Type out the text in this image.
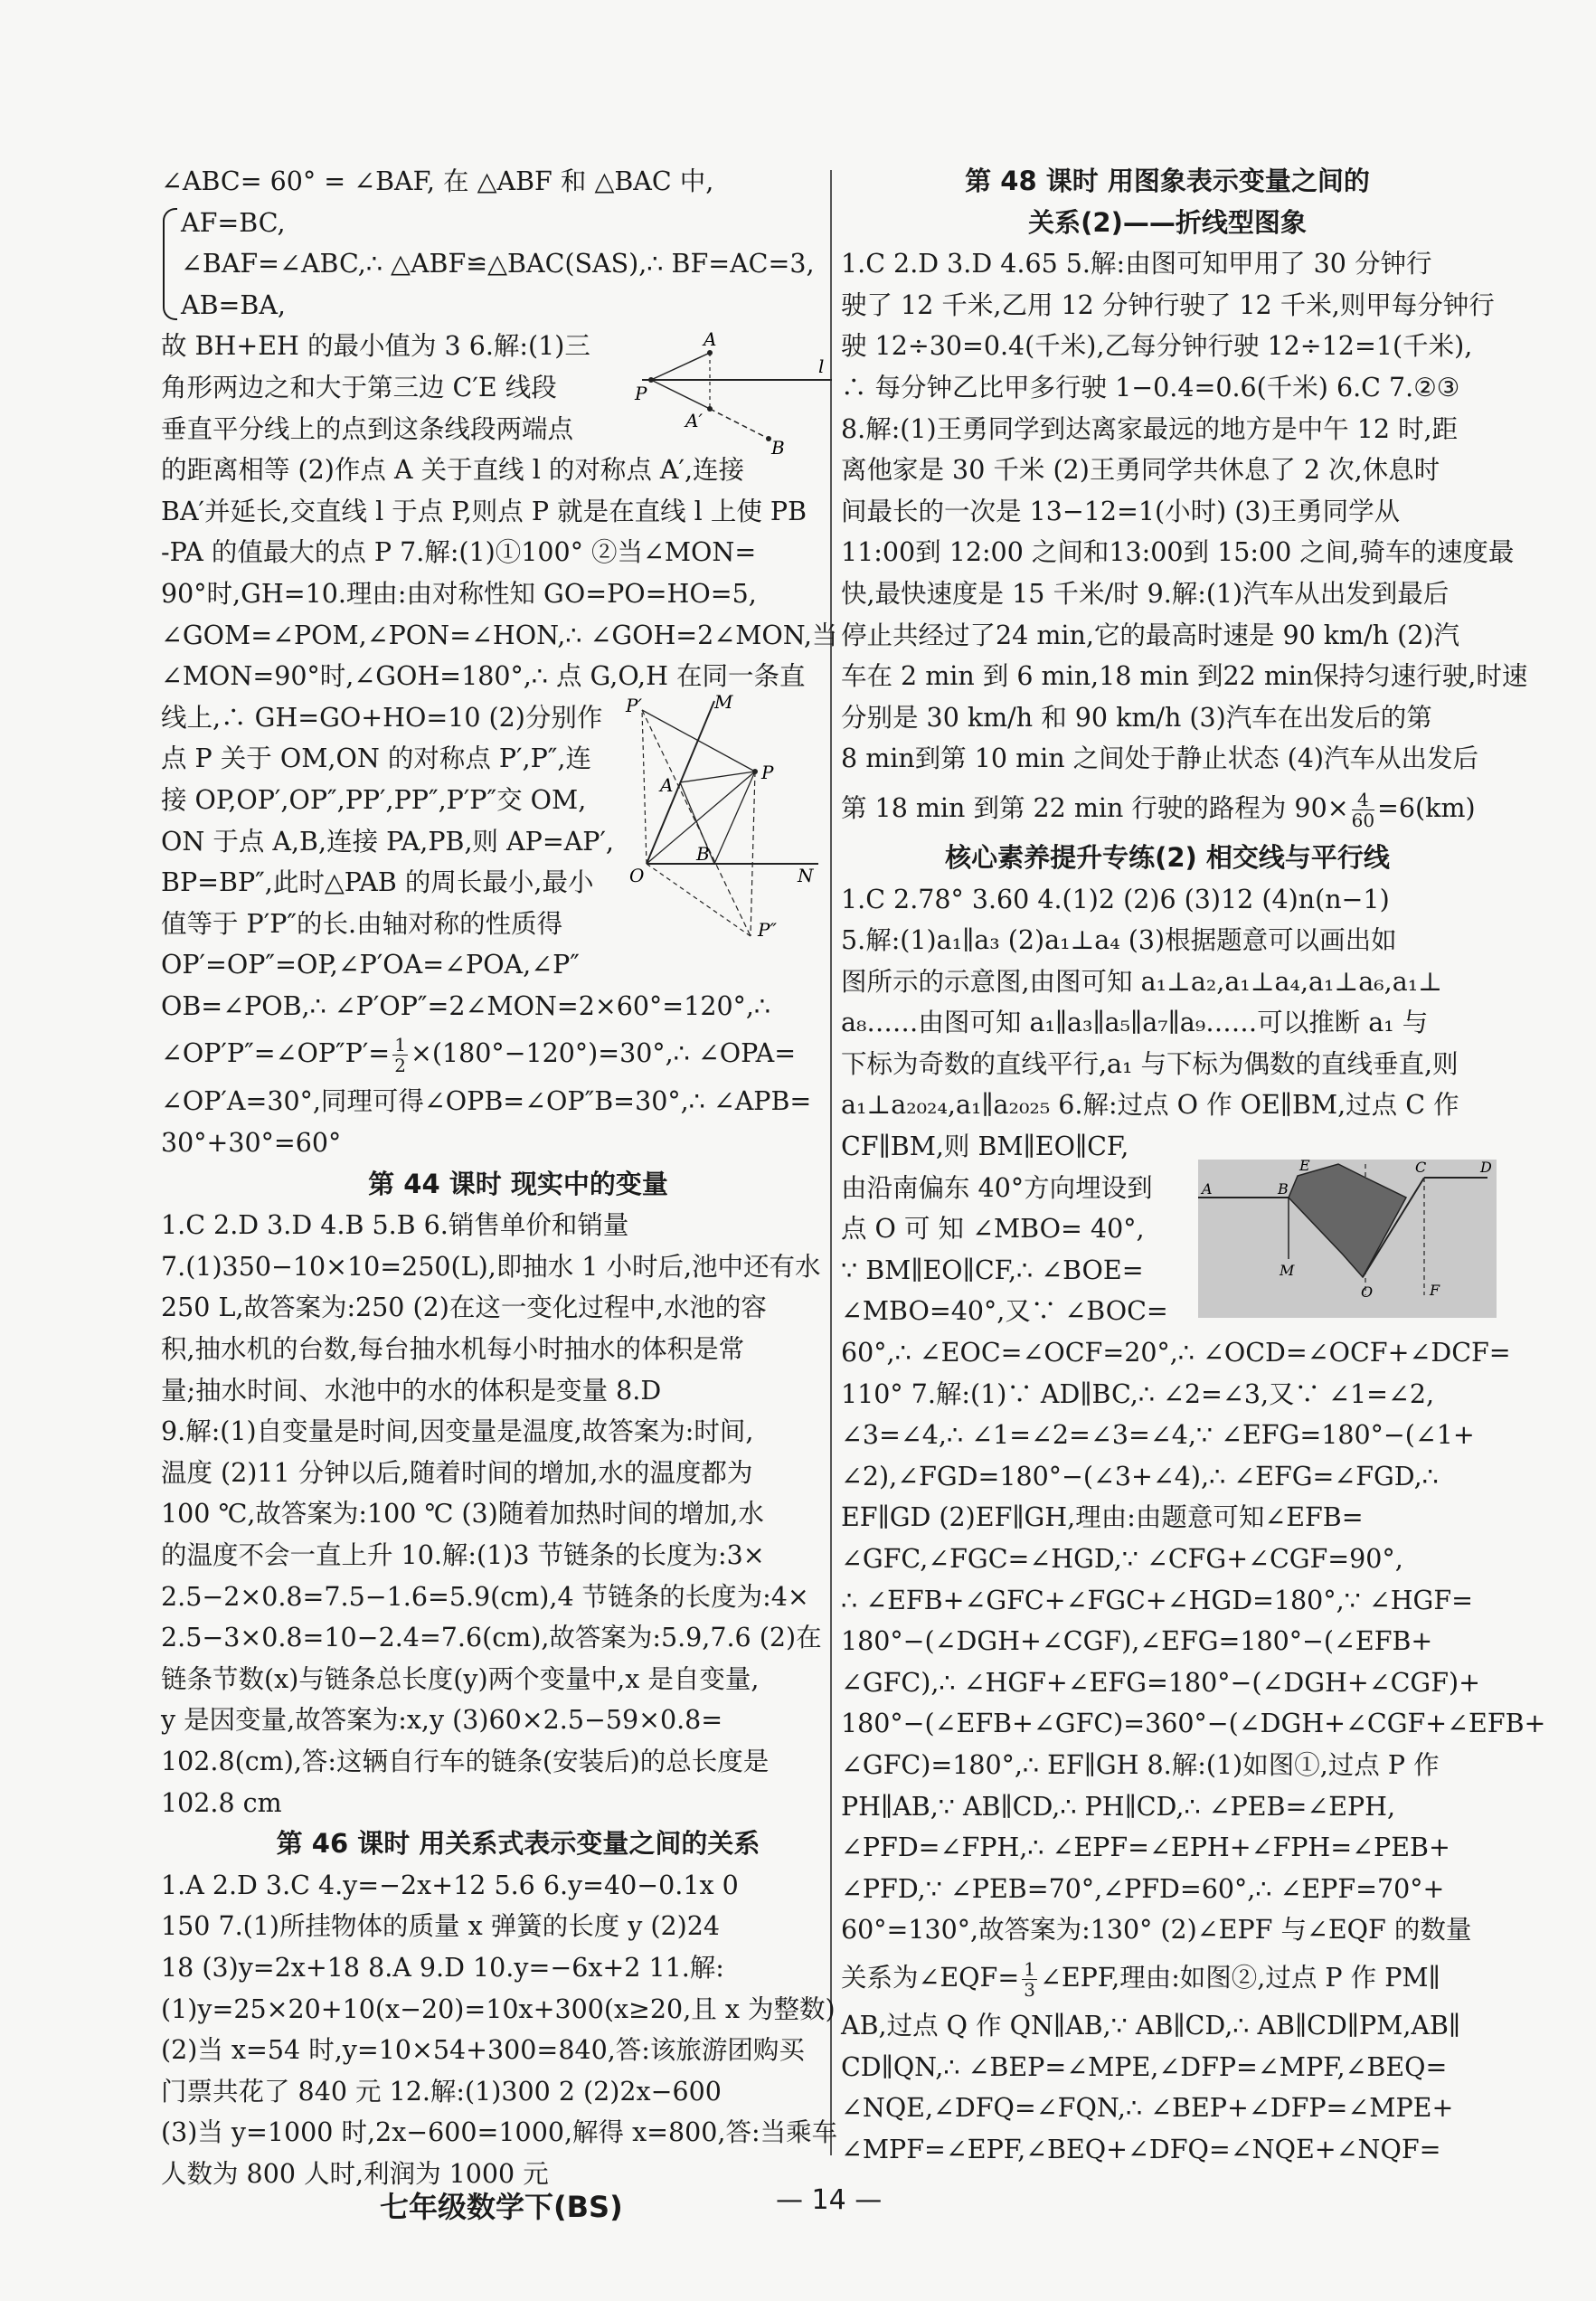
∠ABC= 60° = ∠BAF, 在 △ABF 和 △BAC 中,
AF=BC,
∠BAF=∠ABC,∴ △ABF≌△BAC(SAS),∴ BF=AC=3,
AB=BA,
故 BH+EH 的最小值为 3 6.解:(1)三
角形两边之和大于第三边 C′E 线段
垂直平分线上的点到这条线段两端点
的距离相等 (2)作点 A 关于直线 l 的对称点 A′,连接
BA′并延长,交直线 l 于点 P,则点 P 就是在直线 l 上使 PB
-PA 的值最大的点 P 7.解:(1)①100° ②当∠MON=
90°时,GH=10.理由:由对称性知 GO=PO=HO=5,
∠GOM=∠POM,∠PON=∠HON,∴ ∠GOH=2∠MON,当
∠MON=90°时,∠GOH=180°,∴ 点 G,O,H 在同一条直
线上,∴ GH=GO+HO=10 (2)分别作
点 P 关于 OM,ON 的对称点 P′,P″,连
接 OP,OP′,OP″,PP′,PP″,P′P″交 OM,
ON 于点 A,B,连接 PA,PB,则 AP=AP′,
BP=BP″,此时△PAB 的周长最小,最小
值等于 P′P″的长.由轴对称的性质得
OP′=OP″=OP,∠P′OA=∠POA,∠P″
OB=∠POB,∴ ∠P′OP″=2∠MON=2×60°=120°,∴
∠OP′P″=∠OP″P′= $\frac{1}{2}$ ×(180°−120°)=30°,∴ ∠OPA=
∠OP′A=30°,同理可得∠OPB=∠OP″B=30°,∴ ∠APB=
30°+30°=60°
第 44 课时 现实中的变量
1.C 2.D 3.D 4.B 5.B 6.销售单价和销量
7.(1)350−10×10=250(L),即抽水 1 小时后,池中还有水
250 L,故答案为:250 (2)在这一变化过程中,水池的容
积,抽水机的台数,每台抽水机每小时抽水的体积是常
量;抽水时间、水池中的水的体积是变量 8.D
9.解:(1)自变量是时间,因变量是温度,故答案为:时间,
温度 (2)11 分钟以后,随着时间的增加,水的温度都为
100 ℃,故答案为:100 ℃ (3)随着加热时间的增加,水
的温度不会一直上升 10.解:(1)3 节链条的长度为:3×
2.5−2×0.8=7.5−1.6=5.9(cm),4 节链条的长度为:4×
2.5−3×0.8=10−2.4=7.6(cm),故答案为:5.9,7.6 (2)在
链条节数(x)与链条总长度(y)两个变量中,x 是自变量,
y 是因变量,故答案为:x,y (3)60×2.5−59×0.8=
102.8(cm),答:这辆自行车的链条(安装后)的总长度是
102.8 cm
第 46 课时 用关系式表示变量之间的关系
1.A 2.D 3.C 4.y=−2x+12 5.6 6.y=40−0.1x 0
150 7.(1)所挂物体的质量 x 弹簧的长度 y (2)24
18 (3)y=2x+18 8.A 9.D 10.y=−6x+2 11.解:
(1)y=25×20+10(x−20)=10x+300(x≥20,且 x 为整数)
(2)当 x=54 时,y=10×54+300=840,答:该旅游团购买
门票共花了 840 元 12.解:(1)300 2 (2)2x−600
(3)当 y=1000 时,2x−600=1000,解得 x=800,答:当乘车
人数为 800 人时,利润为 1000 元
A
P
l
A′
B
P′	M
A
P
O
B
N
P″
第 48 课时 用图象表示变量之间的
关系(2)——折线型图象
1.C 2.D 3.D 4.65 5.解:由图可知甲用了 30 分钟行
驶了 12 千米,乙用 12 分钟行驶了 12 千米,则甲每分钟行
驶 12÷30=0.4(千米),乙每分钟行驶 12÷12=1(千米),
∴ 每分钟乙比甲多行驶 1−0.4=0.6(千米) 6.C 7.②③
8.解:(1)王勇同学到达离家最远的地方是中午 12 时,距
离他家是 30 千米 (2)王勇同学共休息了 2 次,休息时
间最长的一次是 13−12=1(小时) (3)王勇同学从
11:00到 12:00 之间和13:00到 15:00 之间,骑车的速度最
快,最快速度是 15 千米/时 9.解:(1)汽车从出发到最后
停止共经过了24 min,它的最高时速是 90 km/h (2)汽
车在 2 min 到 6 min,18 min 到22 min保持匀速行驶,时速
分别是 30 km/h 和 90 km/h (3)汽车在出发后的第
8 min到第 10 min 之间处于静止状态 (4)汽车从出发后
第 18 min 到第 22 min 行驶的路程为 $90\times \frac{4}{60} =6(km)$
核心素养提升专练(2) 相交线与平行线
1.C 2.78° 3.60 4.(1)2 (2)6 (3)12 (4)n(n−1)
5.解:(1)a₁∥a₃ (2)a₁⊥a₄ (3)根据题意可以画出如
图所示的示意图,由图可知 a₁⊥a₂,a₁⊥a₄,a₁⊥a₆,a₁⊥
a₈……由图可知 a₁∥a₃∥a₅∥a₇∥a₉……可以推断 a₁ 与
下标为奇数的直线平行,a₁ 与下标为偶数的直线垂直,则
a₁⊥a₂₀₂₄,a₁∥a₂₀₂₅ 6.解:过点 O 作 OE∥BM,过点 C 作
CF∥BM,则 BM∥EO∥CF,
由沿南偏东 40°方向埋设到
点 O 可 知 ∠MBO= 40°,
∵ BM∥EO∥CF,∴ ∠BOE=
∠MBO=40°,又∵ ∠BOC=
60°,∴ ∠EOC=∠OCF=20°,∴ ∠OCD=∠OCF+∠DCF=
110° 7.解:(1)∵ AD∥BC,∴ ∠2=∠3,又∵ ∠1=∠2,
∠3=∠4,∴ ∠1=∠2=∠3=∠4,∵ ∠EFG=180°−(∠1+
∠2),∠FGD=180°−(∠3+∠4),∴ ∠EFG=∠FGD,∴
EF∥GD (2)EF∥GH,理由:由题意可知∠EFB=
∠GFC,∠FGC=∠HGD,∵ ∠CFG+∠CGF=90°,
∴ ∠EFB+∠GFC+∠FGC+∠HGD=180°,∵ ∠HGF=
180°−(∠DGH+∠CGF),∠EFG=180°−(∠EFB+
∠GFC),∴ ∠HGF+∠EFG=180°−(∠DGH+∠CGF)+
180°−(∠EFB+∠GFC)=360°−(∠DGH+∠CGF+∠EFB+
∠GFC)=180°,∴ EF∥GH 8.解:(1)如图①,过点 P 作
PH∥AB,∵ AB∥CD,∴ PH∥CD,∴ ∠PEB=∠EPH,
∠PFD=∠FPH,∴ ∠EPF=∠EPH+∠FPH=∠PEB+
∠PFD,∵ ∠PEB=70°,∠PFD=60°,∴ ∠EPF=70°+
60°=130°,故答案为:130° (2)∠EPF 与∠EQF 的数量
关系为∠EQF= $\frac{1}{3}$ ∠EPF,理由:如图②,过点 P 作 PM∥
AB,过点 Q 作 QN∥AB,∵ AB∥CD,∴ AB∥CD∥PM,AB∥
CD∥QN,∴ ∠BEP=∠MPE,∠DFP=∠MPF,∠BEQ=
∠NQE,∠DFQ=∠FQN,∴ ∠BEP+∠DFP=∠MPE+
∠MPF=∠EPF,∠BEQ+∠DFQ=∠NQE+∠NQF=
E	C	D
A	B
M
F
O
七年级数学下(BS)	— 14 —
